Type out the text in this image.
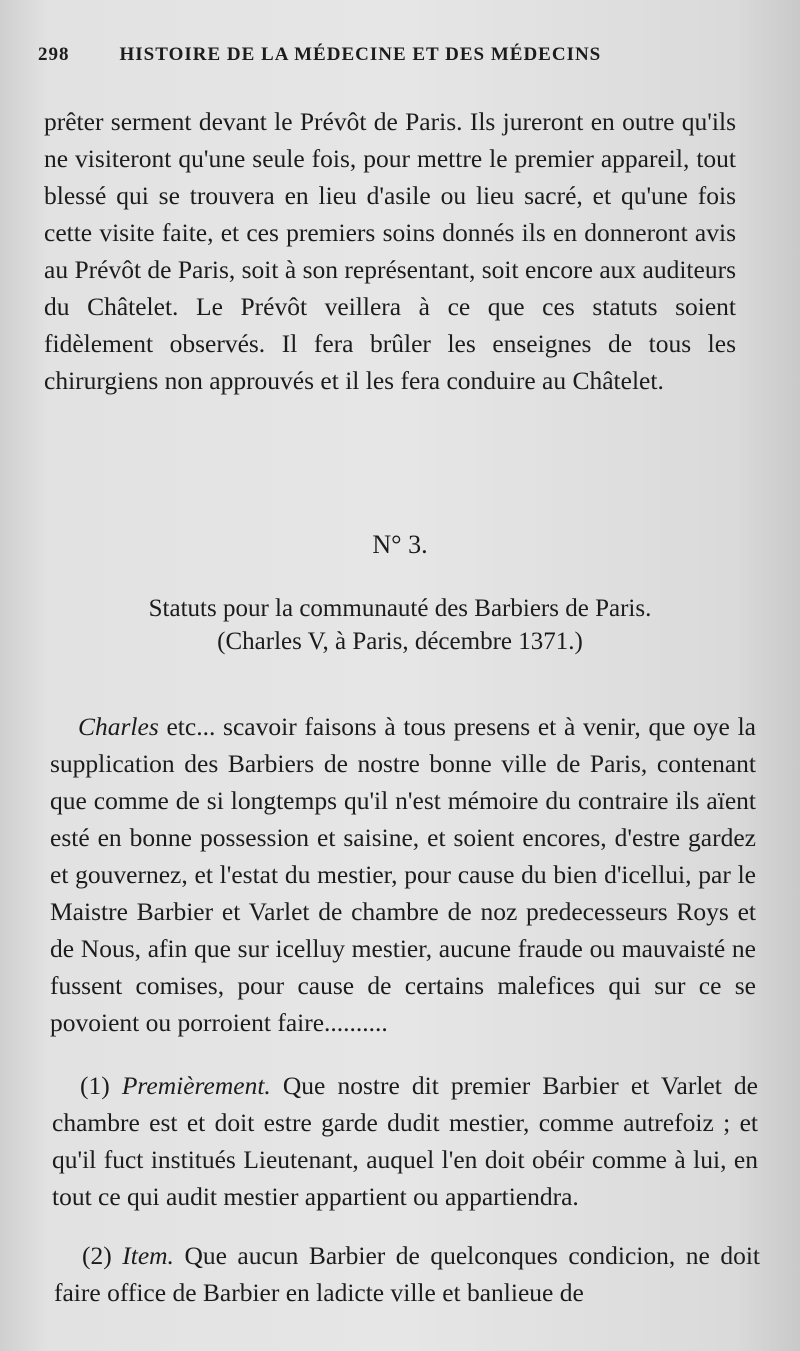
298	HISTOIRE DE LA MÉDECINE ET DES MÉDECINS
prêter serment devant le Prévôt de Paris. Ils jureront en outre qu'ils ne visiteront qu'une seule fois, pour mettre le premier appareil, tout blessé qui se trouvera en lieu d'asile ou lieu sacré, et qu'une fois cette visite faite, et ces premiers soins donnés ils en donneront avis au Prévôt de Paris, soit à son représentant, soit encore aux auditeurs du Châtelet. Le Prévôt veillera à ce que ces statuts soient fidèlement observés. Il fera brûler les enseignes de tous les chirurgiens non approuvés et il les fera conduire au Châtelet.
N° 3.
Statuts pour la communauté des Barbiers de Paris.
(Charles V, à Paris, décembre 1371.)
Charles etc... scavoir faisons à tous presens et à venir, que oye la supplication des Barbiers de nostre bonne ville de Paris, contenant que comme de si longtemps qu'il n'est mémoire du contraire ils aïent esté en bonne possession et saisine, et soient encores, d'estre gardez et gouvernez, et l'estat du mestier, pour cause du bien d'icellui, par le Maistre Barbier et Varlet de chambre de noz predecesseurs Roys et de Nous, afin que sur icelluy mestier, aucune fraude ou mauvaisté ne fussent comises, pour cause de certains malefices qui sur ce se povoient ou porroient faire..........
(1) Premièrement. Que nostre dit premier Barbier et Varlet de chambre est et doit estre garde dudit mestier, comme autrefoiz ; et qu'il fuct institués Lieutenant, auquel l'en doit obéir comme à lui, en tout ce qui audit mestier appartient ou appartiendra.
(2) Item. Que aucun Barbier de quelconques condicion, ne doit faire office de Barbier en ladicte ville et banlieue de
